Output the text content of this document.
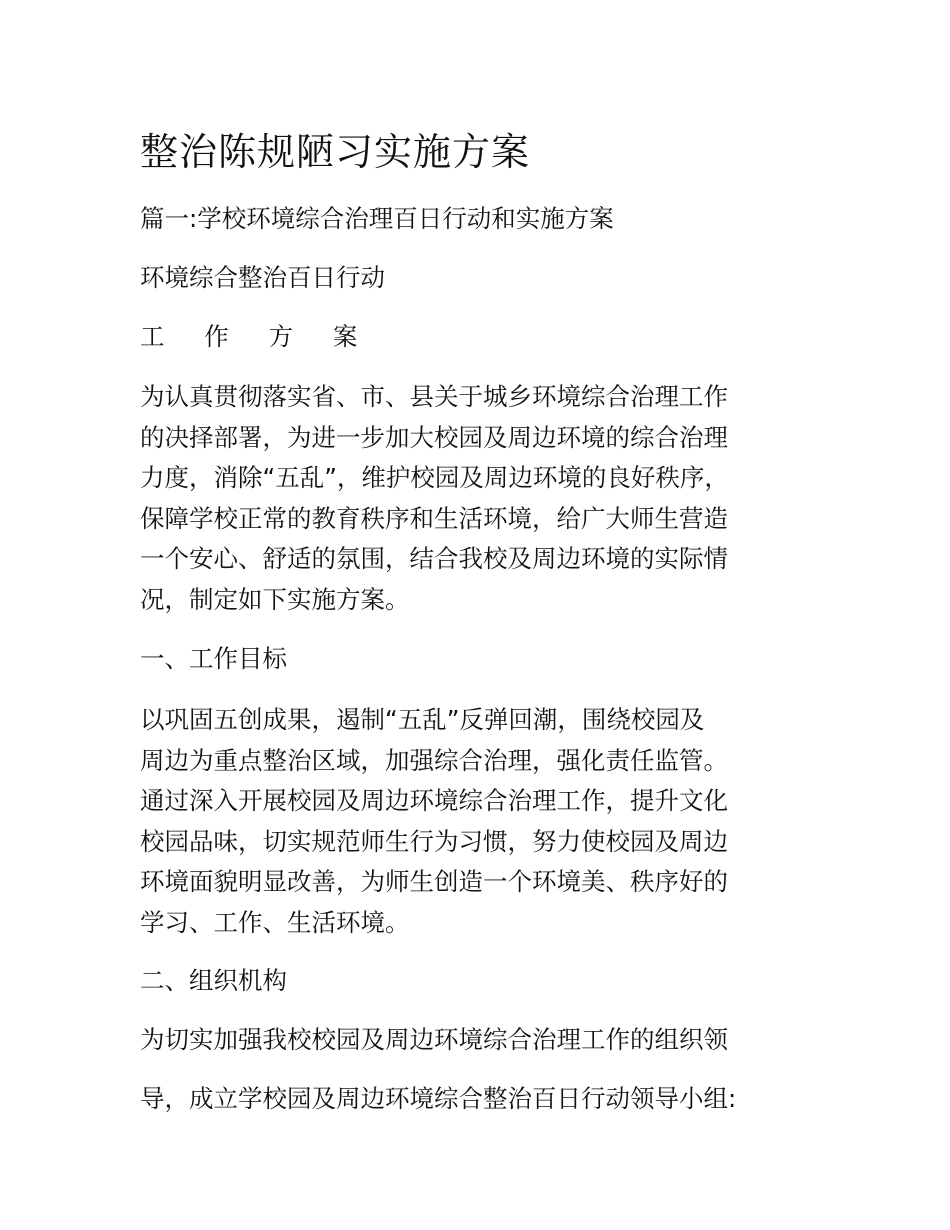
整治陈规陋习实施方案

篇一:学校环境综合治理百日行动和实施方案

环境综合整治百日行动

工 作 方 案

为认真贯彻落实省、市、县关于城乡环境综合治理工作
的决择部署，为进一步加大校园及周边环境的综合治理
力度，消除“五乱”，维护校园及周边环境的良好秩序，
保障学校正常的教育秩序和生活环境，给广大师生营造
一个安心、舒适的氛围，结合我校及周边环境的实际情
况，制定如下实施方案。

一、工作目标

以巩固五创成果，遏制“五乱”反弹回潮，围绕校园及
周边为重点整治区域，加强综合治理，强化责任监管。
通过深入开展校园及周边环境综合治理工作，提升文化
校园品味，切实规范师生行为习惯，努力使校园及周边
环境面貌明显改善，为师生创造一个环境美、秩序好的
学习、工作、生活环境。

二、组织机构

为切实加强我校校园及周边环境综合治理工作的组织领

导，成立学校园及周边环境综合整治百日行动领导小组:
